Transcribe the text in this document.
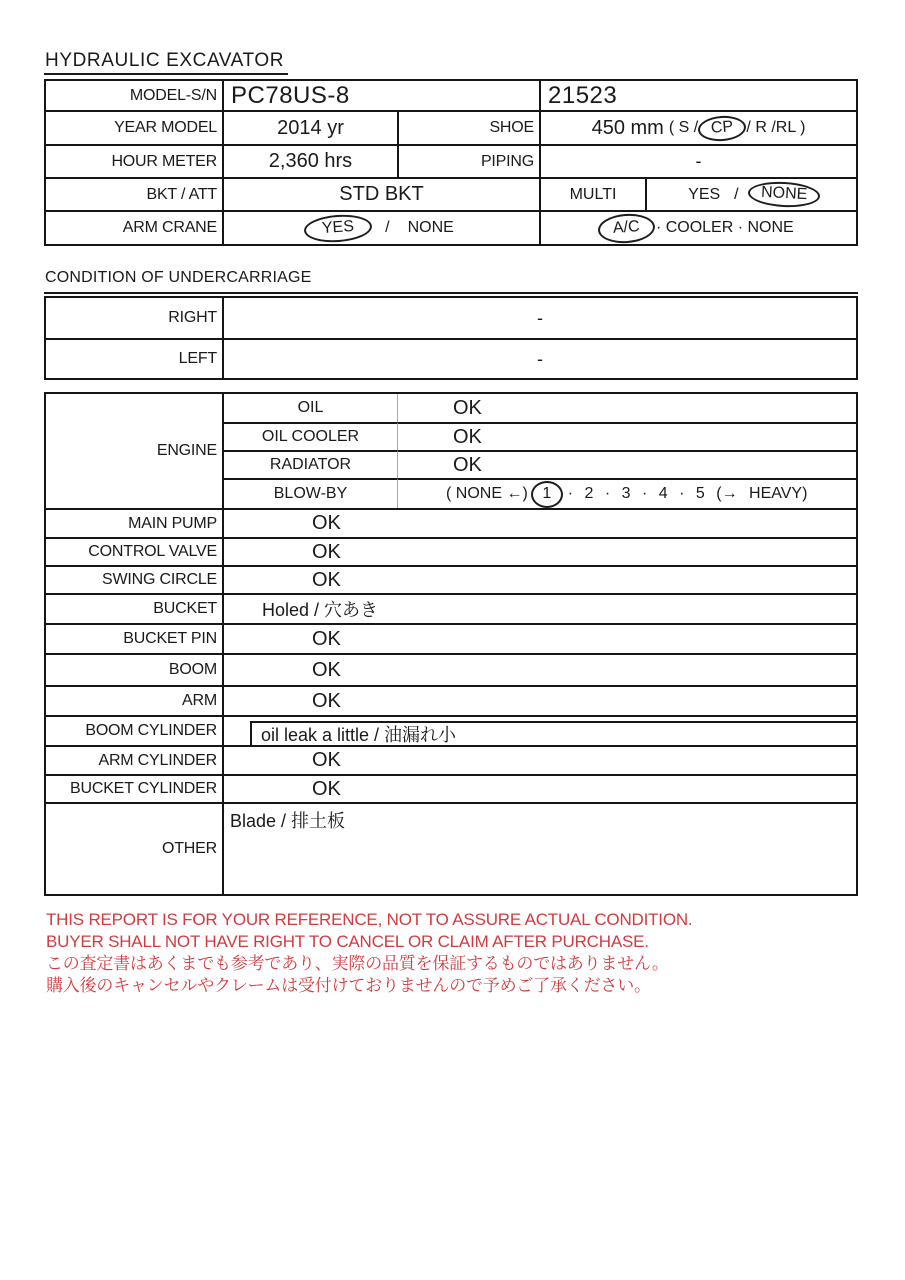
HYDRAULIC EXCAVATOR
MODEL-S/N PC78US-8	21523
YEAR MODEL	2014 yr	SHOE	450 mm ( S / CP / R /RL )
HOUR METER	2,360 hrs	PIPING	-
BKT / ATT	STD BKT	MULTI	YES / NONE
ARM CRANE	YES / NONE	A/C · COOLER · NONE
CONDITION OF UNDERCARRIAGE
RIGHT	-
LEFT	-
ENGINE
OIL	OK
OIL COOLER	OK
RADIATOR	OK
BLOW-BY	( NONE ←) 1 · 2 · 3 · 4 · 5 (→ HEAVY)
MAIN PUMP	OK
CONTROL VALVE	OK
SWING CIRCLE	OK
BUCKET	Holed / 穴あき
BUCKET PIN	OK
BOOM	OK
ARM	OK
BOOM CYLINDER	oil leak a little / 油漏れ小
ARM CYLINDER	OK
BUCKET CYLINDER	OK
OTHER
Blade / 排土板
THIS REPORT IS FOR YOUR REFERENCE, NOT TO ASSURE ACTUAL CONDITION.
BUYER SHALL NOT HAVE RIGHT TO CANCEL OR CLAIM AFTER PURCHASE.
この査定書はあくまでも参考であり、実際の品質を保証するものではありません。
購入後のキャンセルやクレームは受付けておりませんので予めご了承ください。
